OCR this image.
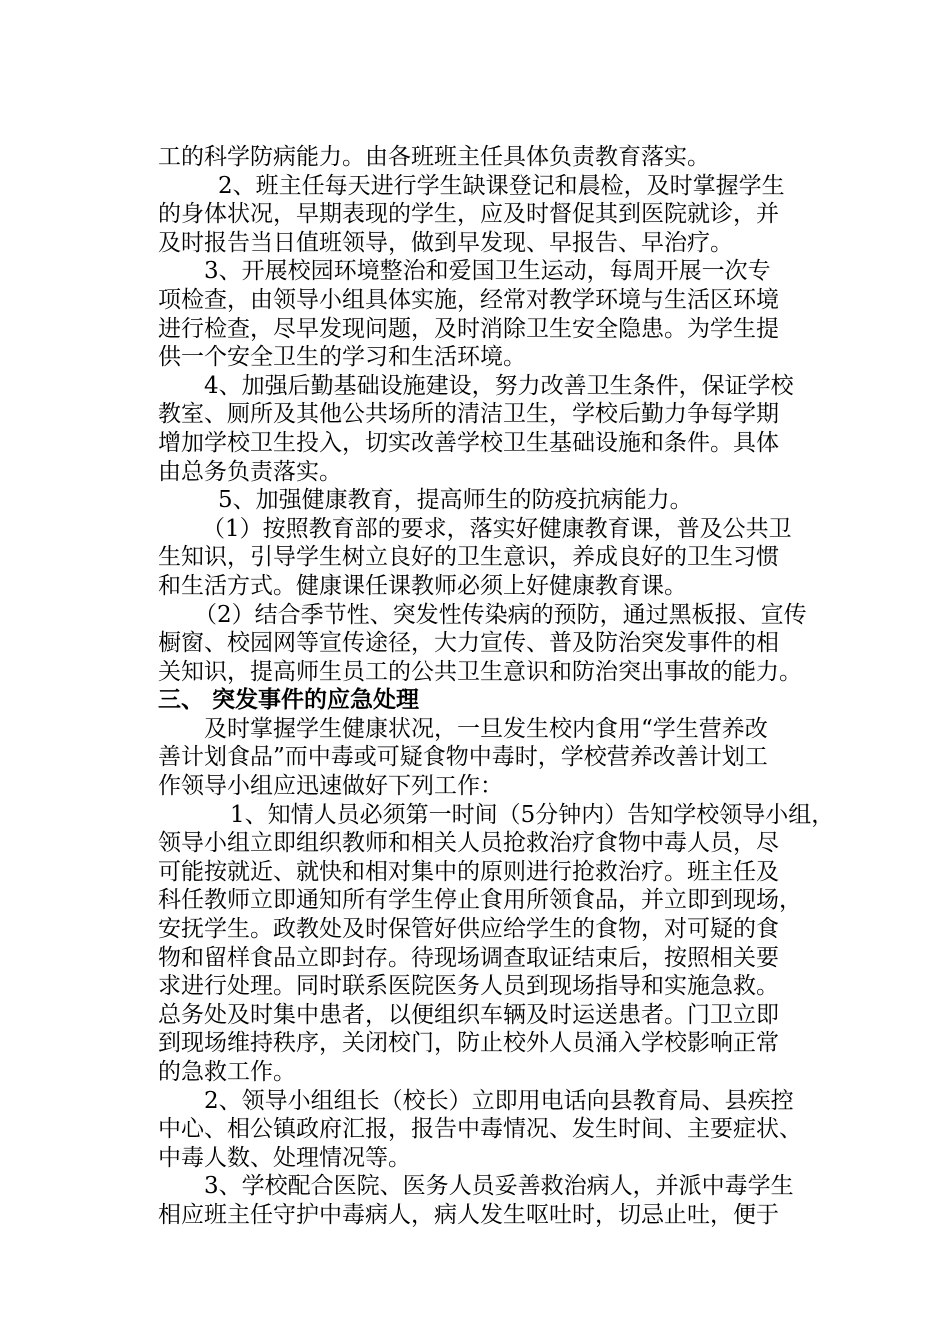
工的科学防病能力。由各班班主任具体负责教育落实。
2、班主任每天进行学生缺课登记和晨检，及时掌握学生
的身体状况，早期表现的学生，应及时督促其到医院就诊，并
及时报告当日值班领导，做到早发现、早报告、早治疗。
3、开展校园环境整治和爱国卫生运动，每周开展一次专
项检查，由领导小组具体实施，经常对教学环境与生活区环境
进行检查，尽早发现问题，及时消除卫生安全隐患。为学生提
供一个安全卫生的学习和生活环境。
4、加强后勤基础设施建设，努力改善卫生条件，保证学校
教室、厕所及其他公共场所的清洁卫生，学校后勤力争每学期
增加学校卫生投入，切实改善学校卫生基础设施和条件。具体
由总务负责落实。
5、加强健康教育，提高师生的防疫抗病能力。
（1）按照教育部的要求，落实好健康教育课，普及公共卫
生知识，引导学生树立良好的卫生意识，养成良好的卫生习惯
和生活方式。健康课任课教师必须上好健康教育课。
（2）结合季节性、突发性传染病的预防，通过黑板报、宣传
橱窗、校园网等宣传途径，大力宣传、普及防治突发事件的相
关知识，提高师生员工的公共卫生意识和防治突出事故的能力。
三、 突发事件的应急处理
及时掌握学生健康状况，一旦发生校内食用“学生营养改
善计划食品”而中毒或可疑食物中毒时，学校营养改善计划工
作领导小组应迅速做好下列工作：
1、知情人员必须第一时间（5分钟内）告知学校领导小组，
领导小组立即组织教师和相关人员抢救治疗食物中毒人员，尽
可能按就近、就快和相对集中的原则进行抢救治疗。班主任及
科任教师立即通知所有学生停止食用所领食品，并立即到现场，
安抚学生。政教处及时保管好供应给学生的食物，对可疑的食
物和留样食品立即封存。待现场调查取证结束后，按照相关要
求进行处理。同时联系医院医务人员到现场指导和实施急救。
总务处及时集中患者，以便组织车辆及时运送患者。门卫立即
到现场维持秩序，关闭校门，防止校外人员涌入学校影响正常
的急救工作。
2、领导小组组长（校长）立即用电话向县教育局、县疾控
中心、相公镇政府汇报，报告中毒情况、发生时间、主要症状、
中毒人数、处理情况等。
3、学校配合医院、医务人员妥善救治病人，并派中毒学生
相应班主任守护中毒病人，病人发生呕吐时，切忌止吐，便于
